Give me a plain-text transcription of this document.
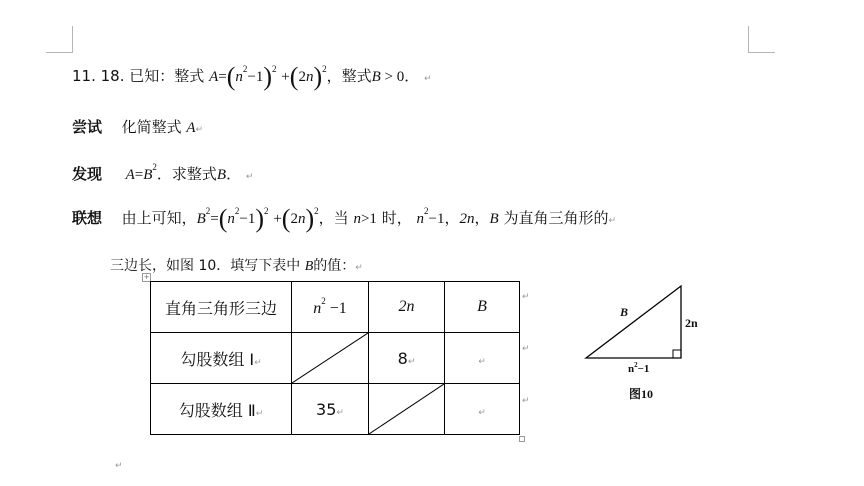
11. 18. 已知：整式 $A=(n^2-1)^2 +(2n)^2$，整式B > 0． ↵
尝试 化简整式 A↵
发现 $A=B^2$．求整式B． ↵
联想 由上可知，$B^2=(n^2-1)^2 +(2n)^2$，当 n>1 时， $n^2-1$，2n，B 为直角三角形的↵
三边长，如图 10．填写下表中 B的值：↵
+
直角三角形三边	$n^2 -1$	2n	B
勾股数组 Ⅰ↵		8↵	↵
勾股数组 Ⅱ↵	35↵		↵
↵
↵
↵
B
2n
$n^2-1$
图10
↵
